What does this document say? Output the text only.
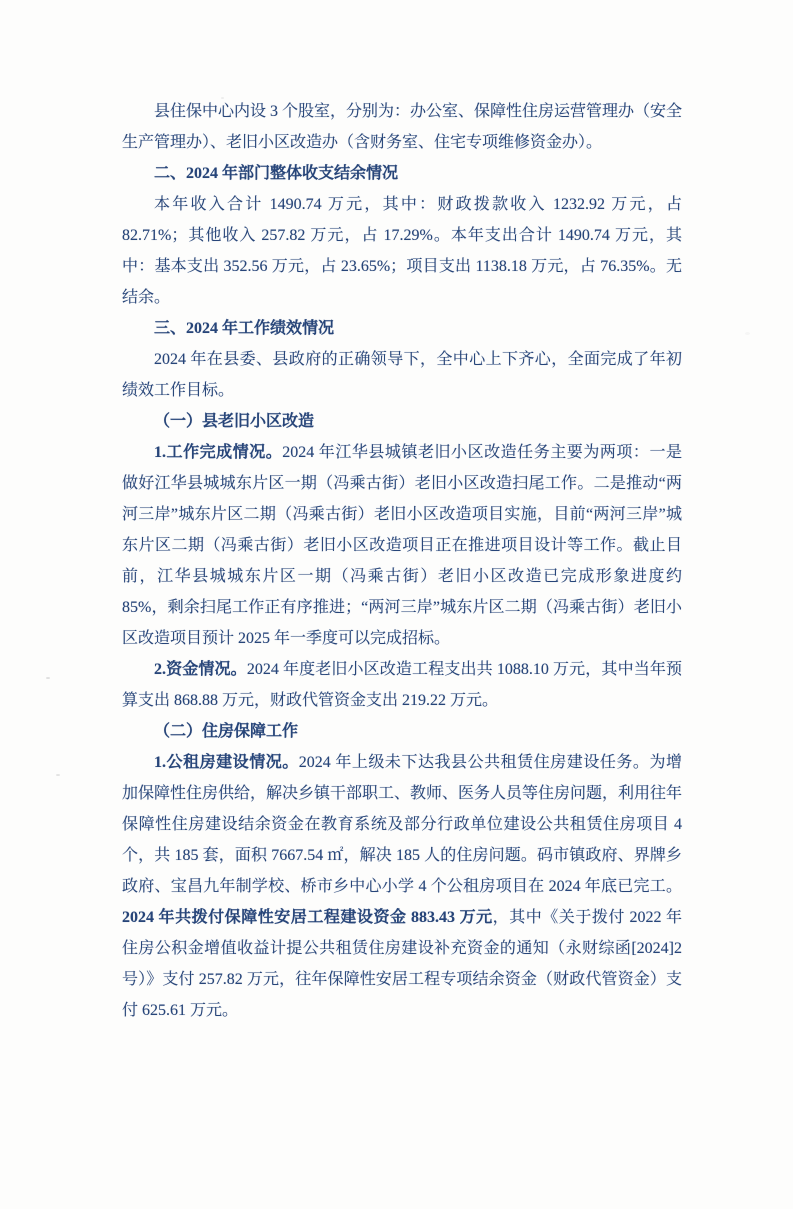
县住保中心内设 3 个股室，分别为：办公室、保障性住房运营管理办（安全生产管理办）、老旧小区改造办（含财务室、住宅专项维修资金办）。

二、2024 年部门整体收支结余情况

本年收入合计 1490.74 万元，其中：财政拨款收入 1232.92 万元，占 82.71%；其他收入 257.82 万元，占 17.29%。本年支出合计 1490.74 万元，其中：基本支出 352.56 万元，占 23.65%；项目支出 1138.18 万元，占 76.35%。无结余。

三、2024 年工作绩效情况

2024 年在县委、县政府的正确领导下，全中心上下齐心，全面完成了年初绩效工作目标。

（一）县老旧小区改造

1.工作完成情况。2024 年江华县城镇老旧小区改造任务主要为两项：一是做好江华县城城东片区一期（冯乘古街）老旧小区改造扫尾工作。二是推动“两河三岸”城东片区二期（冯乘古街）老旧小区改造项目实施，目前“两河三岸”城东片区二期（冯乘古街）老旧小区改造项目正在推进项目设计等工作。截止目前，江华县城城东片区一期（冯乘古街）老旧小区改造已完成形象进度约 85%，剩余扫尾工作正有序推进；“两河三岸”城东片区二期（冯乘古街）老旧小区改造项目预计 2025 年一季度可以完成招标。

2.资金情况。2024 年度老旧小区改造工程支出共 1088.10 万元，其中当年预算支出 868.88 万元，财政代管资金支出 219.22 万元。

（二）住房保障工作

1.公租房建设情况。2024 年上级未下达我县公共租赁住房建设任务。为增加保障性住房供给，解决乡镇干部职工、教师、医务人员等住房问题，利用往年保障性住房建设结余资金在教育系统及部分行政单位建设公共租赁住房项目 4 个，共 185 套，面积 7667.54 ㎡，解决 185 人的住房问题。码市镇政府、界牌乡政府、宝昌九年制学校、桥市乡中心小学 4 个公租房项目在 2024 年底已完工。2024 年共拨付保障性安居工程建设资金 883.43 万元，其中《关于拨付 2022 年住房公积金增值收益计提公共租赁住房建设补充资金的通知（永财综函[2024]2 号）》支付 257.82 万元，往年保障性安居工程专项结余资金（财政代管资金）支付 625.61 万元。
